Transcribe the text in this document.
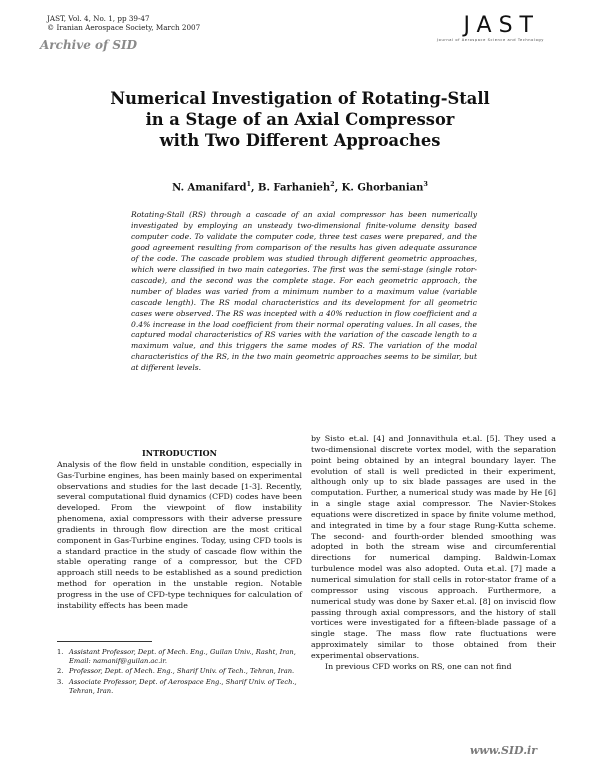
JAST, Vol. 4, No. 1, pp 39-47
© Iranian Aerospace Society, March 2007
Archive of SID
JAST
Journal of Aerospace Science and Technology
Numerical Investigation of Rotating-Stall
in a Stage of an Axial Compressor
with Two Different Approaches
N. Amanifard$^1$, B. Farhanieh$^2$, K. Ghorbanian$^3$
Rotating-Stall (RS) through a cascade of an axial compressor has been numerically investigated by employing an unsteady two-dimensional finite-volume density based computer code. To validate the computer code, three test cases were prepared, and the good agreement resulting from comparison of the results has given adequate assurance of the code. The cascade problem was studied through different geometric approaches, which were classified in two main categories. The first was the semi-stage (single rotor-cascade), and the second was the complete stage. For each geometric approach, the number of blades was varied from a minimum number to a maximum value (variable cascade length). The RS modal characteristics and its development for all geometric cases were observed. The RS was incepted with a 40% reduction in flow coefficient and a 0.4% increase in the load coefficient from their normal operating values. In all cases, the captured modal characteristics of RS varies with the variation of the cascade length to a maximum value, and this triggers the same modes of RS. The variation of the modal characteristics of the RS, in the two main geometric approaches seems to be similar, but at different levels.
INTRODUCTION
Analysis of the flow field in unstable condition, especially in Gas-Turbine engines, has been mainly based on experimental observations and studies for the last decade [1-3]. Recently, several computational fluid dynamics (CFD) codes have been developed. From the viewpoint of flow instability phenomena, axial compressors with their adverse pressure gradients in through flow direction are the most critical component in Gas-Turbine engines. Today, using CFD tools is a standard practice in the study of cascade flow within the stable operating range of a compressor, but the CFD approach still needs to be established as a sound prediction method for operation in the unstable region. Notable progress in the use of CFD-type techniques for calculation of instability effects has been made
by Sisto et.al. [4] and Jonnavithula et.al. [5]. They used a two-dimensional discrete vortex model, with the separation point being obtained by an integral boundary layer. The evolution of stall is well predicted in their experiment, although only up to six blade passages are used in the computation. Further, a numerical study was made by He [6] in a single stage axial compressor. The Navier-Stokes equations were discretized in space by finite volume method, and integrated in time by a four stage Rung-Kutta scheme. The second- and fourth-order blended smoothing was adopted in both the stream wise and circumferential directions for numerical damping. Baldwin-Lomax turbulence model was also adopted. Outa et.al. [7] made a numerical simulation for stall cells in rotor-stator frame of a compressor using viscous approach. Furthermore, a numerical study was done by Saxer et.al. [8] on inviscid flow passing through axial compressors, and the history of stall vortices were investigated for a fifteen-blade passage of a single stage. The mass flow rate fluctuations were approximately similar to those obtained from their experimental observations.
In previous CFD works on RS, one can not find
1. Assistant Professor, Dept. of Mech. Eng., Guilan Univ., Rasht, Iran, Email: namanif@guilan.ac.ir.
2. Professor, Dept. of Mech. Eng., Sharif Univ. of Tech., Tehran, Iran.
3. Associate Professor, Dept. of Aerospace Eng., Sharif Univ. of Tech., Tehran, Iran.
www.SID.ir
